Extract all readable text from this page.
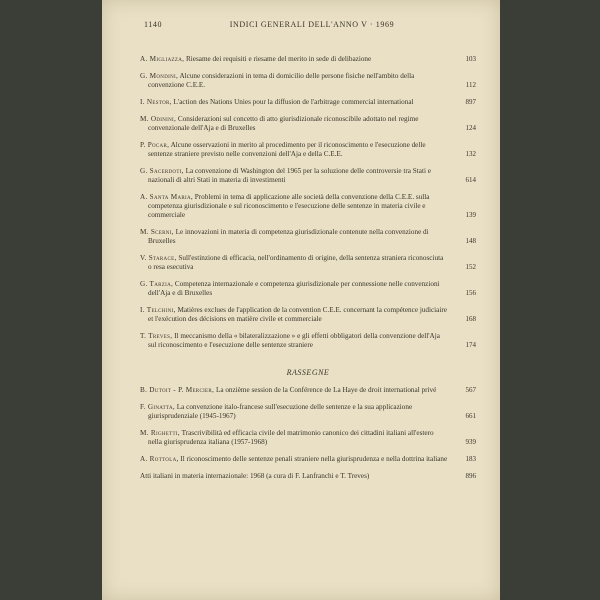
1140	INDICI GENERALI DELL'ANNO V · 1969
A. Migliazza, Riesame dei requisiti e riesame del merito in sede di delibazione	103
G. Mondini, Alcune considerazioni in tema di domicilio delle persone fisiche nell'ambito della convenzione C.E.E.	112
I. Nestor, L'action des Nations Unies pour la diffusion de l'arbitrage commercial international	897
M. Odinini, Considerazioni sul concetto di atto giurisdizionale riconoscibile adottato nel regime convenzionale dell'Aja e di Bruxelles	124
P. Pocar, Alcune osservazioni in merito al procedimento per il riconoscimento e l'esecuzione delle sentenze straniere previsto nelle convenzioni dell'Aja e della C.E.E.	132
G. Sacerdoti, La convenzione di Washington del 1965 per la soluzione delle controversie tra Stati e nazionali di altri Stati in materia di investimenti	614
A. Santa Maria, Problemi in tema di applicazione alle società della convenzione della C.E.E. sulla competenza giurisdizionale e sul riconoscimento e l'esecuzione delle sentenze in materia civile e commerciale	139
M. Scerni, Le innovazioni in materia di competenza giurisdizionale contenute nella convenzione di Bruxelles	148
V. Starace, Sull'estinzione di efficacia, nell'ordinamento di origine, della sentenza straniera riconosciuta o resa esecutiva	152
G. Tarzia, Competenza internazionale e competenza giurisdizionale per connessione nelle convenzioni dell'Aja e di Bruxelles	156
I. Telchini, Matières exclues de l'application de la convention C.E.E. concernant la compétence judiciaire et l'exécution des décisions en matière civile et commerciale	168
T. Treves, Il meccanismo della « bilateralizzazione » e gli effetti obbligatori della convenzione dell'Aja sul riconoscimento e l'esecuzione delle sentenze straniere	174
RASSEGNE
B. Dutoit - P. Mercier, La onzième session de la Conférence de La Haye de droit international privé	567
F. Ginatta, La convenzione italo-francese sull'esecuzione delle sentenze e la sua applicazione giurisprudenziale (1945-1967)	661
M. Righetti, Trascrivibilità ed efficacia civile del matrimonio canonico dei cittadini italiani all'estero nella giurisprudenza italiana (1957-1968)	939
A. Rottola, Il riconoscimento delle sentenze penali straniere nella giurisprudenza e nella dottrina italiane	183
Atti italiani in materia internazionale: 1968 (a cura di F. Lanfranchi e T. Treves)	896
